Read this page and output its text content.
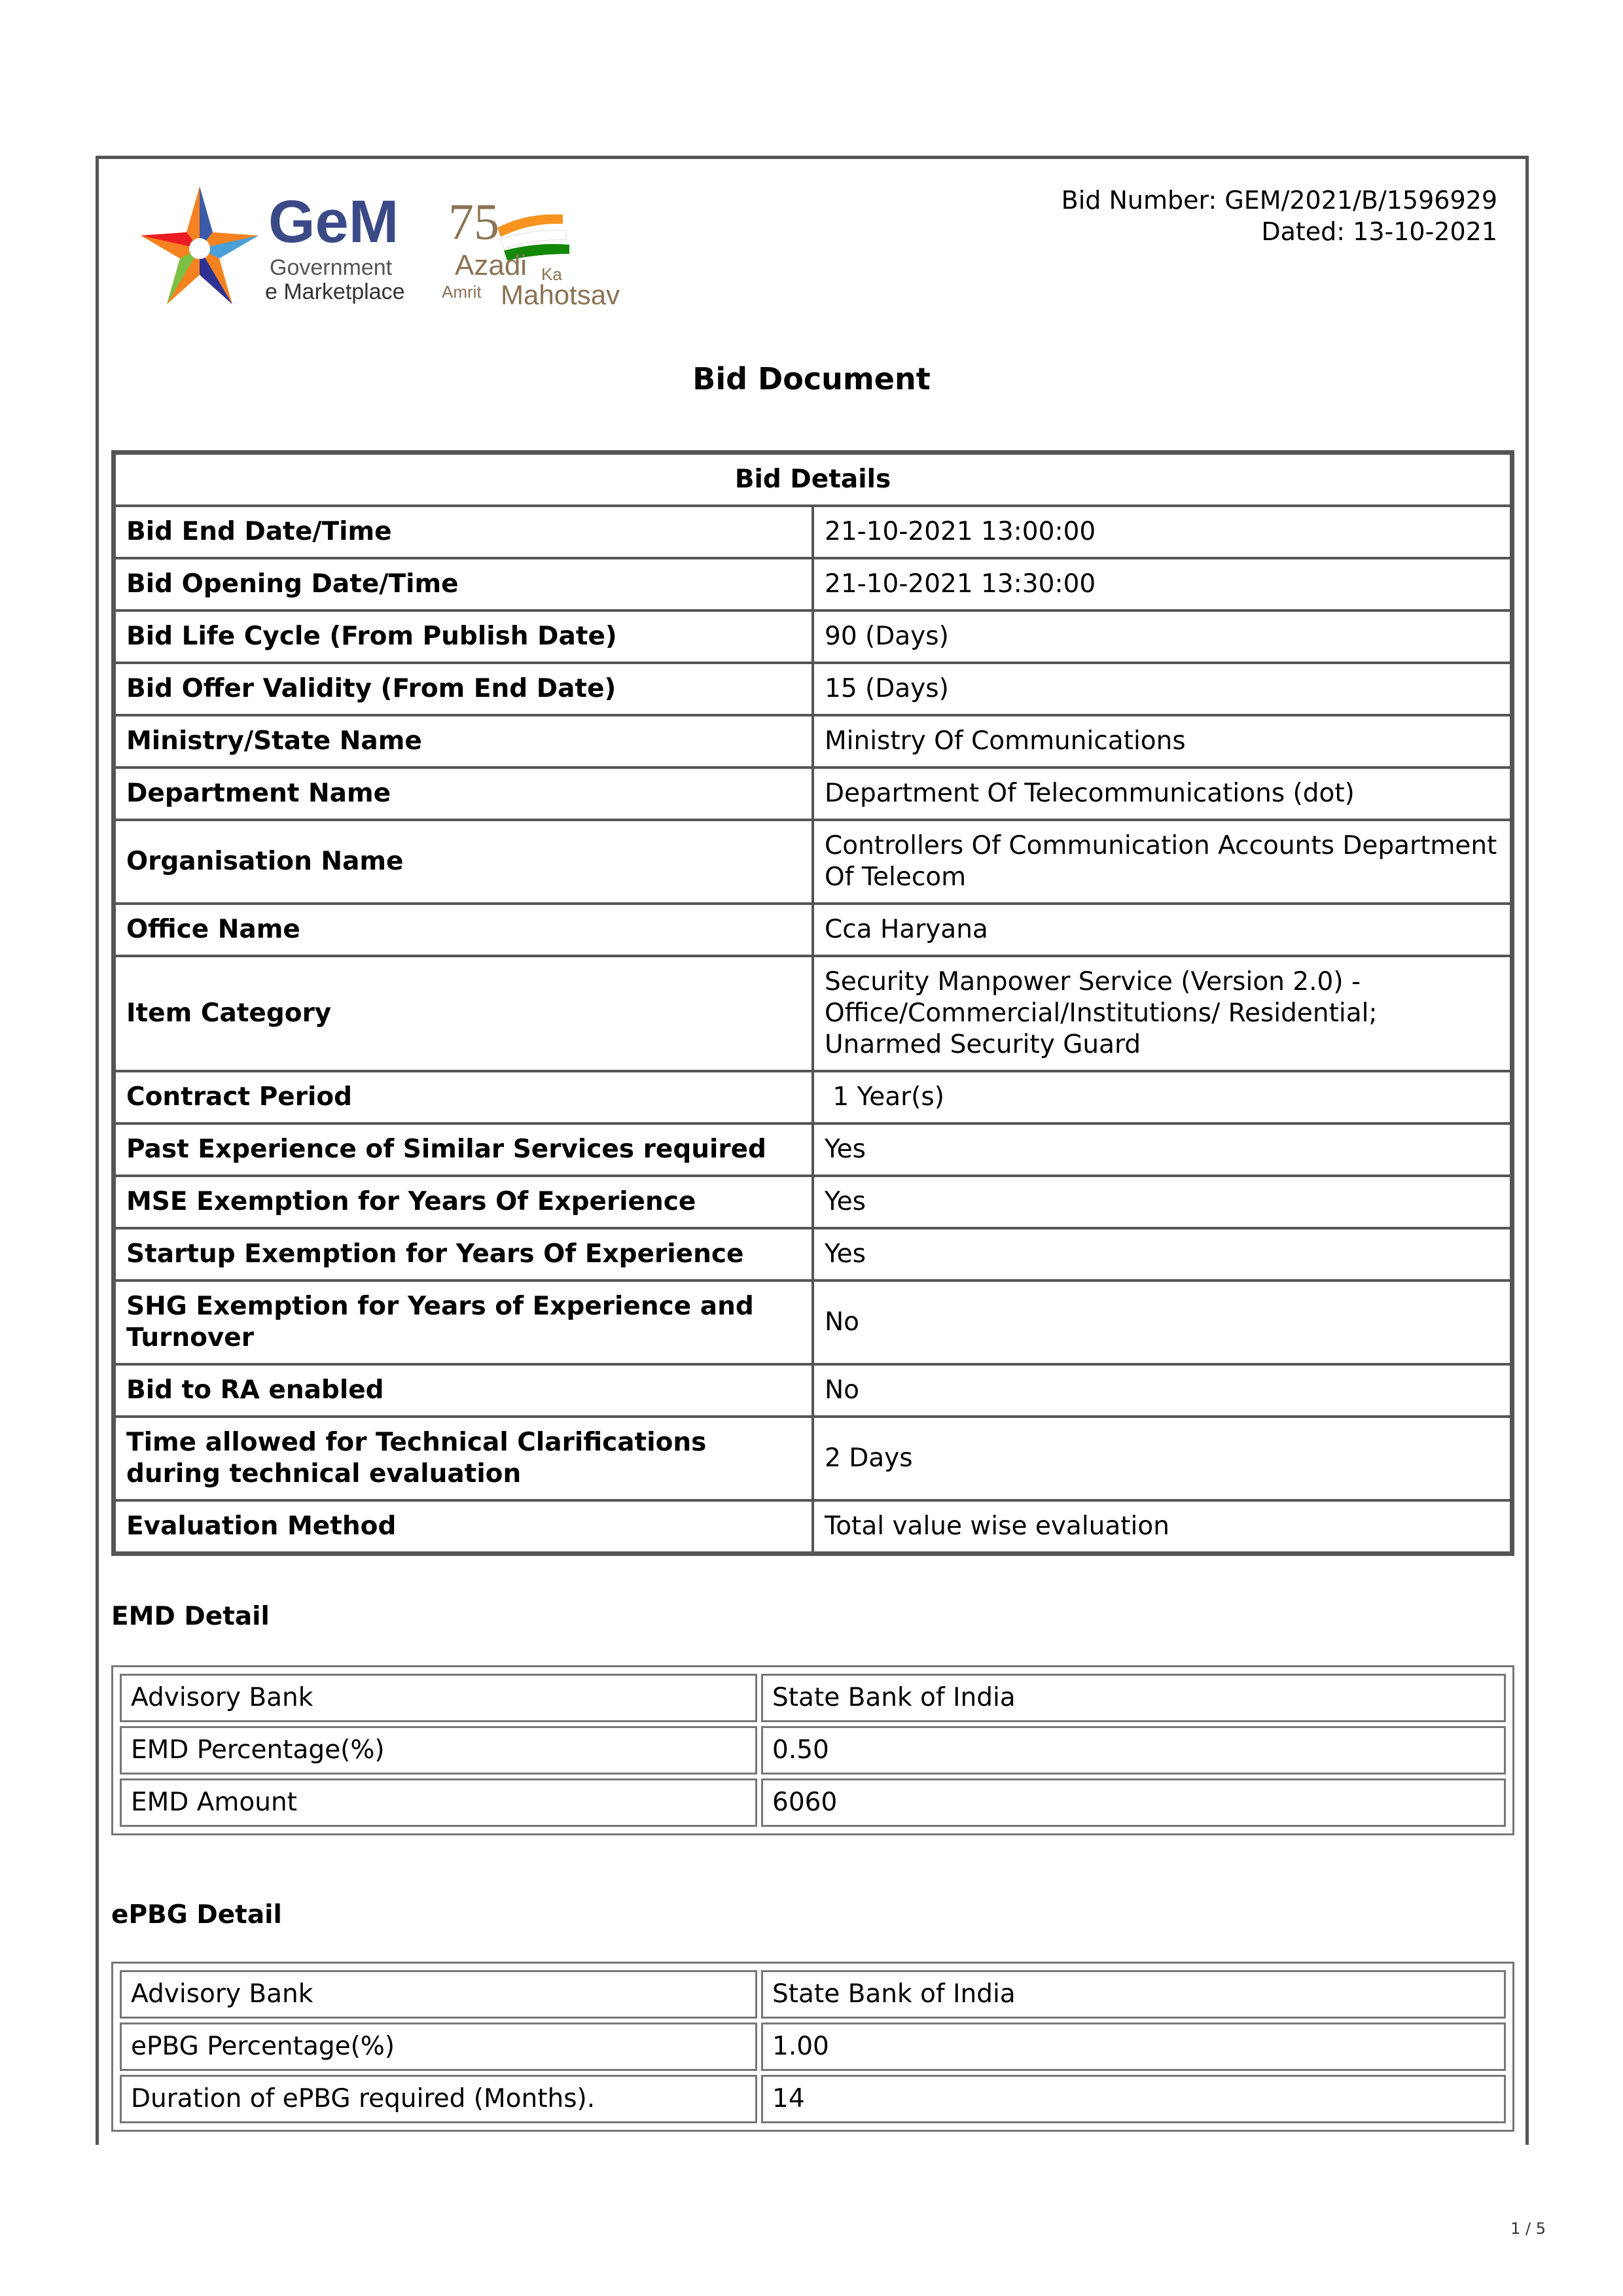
GeM
Government
e Marketplace
75
Azadi Ka
Amrit Mahotsav
Bid Number: GEM/2021/B/1596929
Dated: 13-10-2021
Bid Document
Bid Details	
Bid End Date/Time	21-10-2021 13:00:00
Bid Opening Date/Time	21-10-2021 13:30:00
Bid Life Cycle (From Publish Date)	90 (Days)
Bid Offer Validity (From End Date)	15 (Days)
Ministry/State Name	Ministry Of Communications
Department Name	Department Of Telecommunications (dot)
Organisation Name	Controllers Of Communication Accounts Department Of Telecom
Office Name	Cca Haryana
Item Category	Security Manpower Service (Version 2.0) - Office/Commercial/Institutions/ Residential; Unarmed Security Guard
Contract Period	1 Year(s)
Past Experience of Similar Services required	Yes
MSE Exemption for Years Of Experience	Yes
Startup Exemption for Years Of Experience	Yes
SHG Exemption for Years of Experience and Turnover	No
Bid to RA enabled	No
Time allowed for Technical Clarifications during technical evaluation	2 Days
Evaluation Method	Total value wise evaluation
EMD Detail
Advisory Bank	State Bank of India
EMD Percentage(%)	0.50
EMD Amount	6060
ePBG Detail
Advisory Bank	State Bank of India
ePBG Percentage(%)	1.00
Duration of ePBG required (Months).	14
1 / 5
